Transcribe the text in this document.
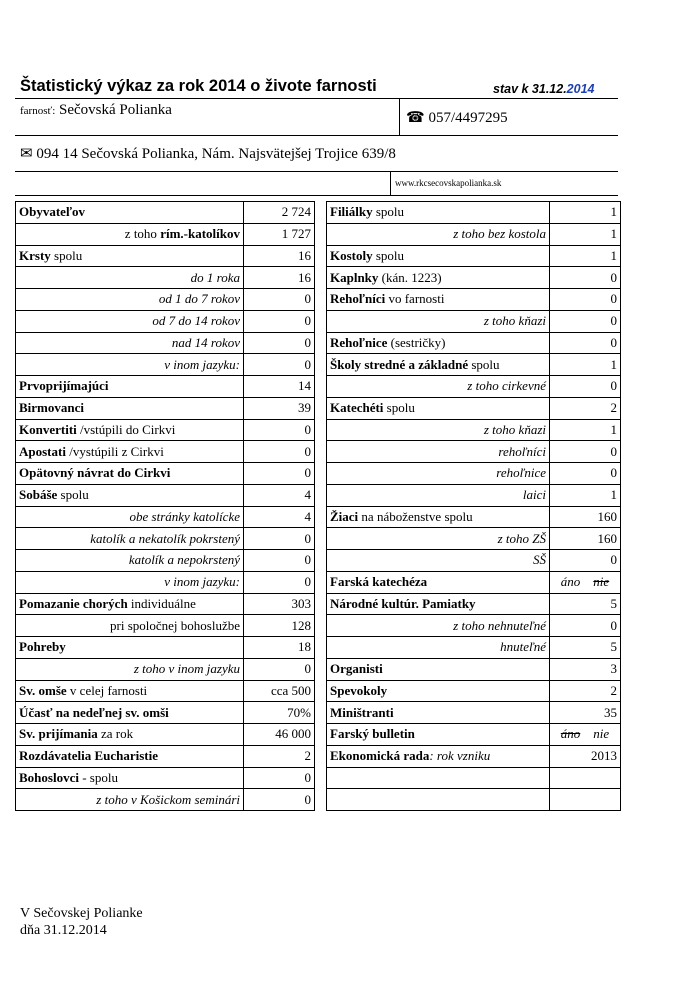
Štatistický výkaz za rok 2014 o živote farnosti	stav k 31.12.2014
farnosť: Sečovská Polianka	☎ 057/4497295
✉ 094 14 Sečovská Polianka, Nám. Najsvätejšej Trojice 639/8
www.rkcsecovskapolianka.sk
Obyvateľov	2 724
z toho rím.-katolíkov	1 727
Krsty spolu	16
do 1 roka	16
od 1 do 7 rokov	0
od 7 do 14 rokov	0
nad 14 rokov	0
v inom jazyku:	0
Prvoprijímajúci	14
Birmovanci	39
Konvertiti /vstúpili do Cirkvi	0
Apostati /vystúpili z Cirkvi	0
Opätovný návrat do Cirkvi	0
Sobáše spolu	4
obe stránky katolícke	4
katolík a nekatolík pokrstený	0
katolík a nepokrstený	0
v inom jazyku:	0
Pomazanie chorých individuálne	303
pri spoločnej bohoslužbe	128
Pohreby	18
z toho v inom jazyku	0
Sv. omše v celej farnosti	cca 500
Účasť na nedeľnej sv. omši	70%
Sv. prijímania za rok	46 000
Rozdávatelia Eucharistie	2
Bohoslovci - spolu	0
z toho v Košickom seminári	0
Filiálky spolu	1
z toho bez kostola	1
Kostoly spolu	1
Kaplnky (kán. 1223)	0
Rehoľníci vo farnosti	0
z toho kňazi	0
Rehoľnice (sestričky)	0
Školy stredné a základné spolu	1
z toho cirkevné	0
Katechéti spolu	2
z toho kňazi	1
rehoľníci	0
rehoľnice	0
laici	1
Žiaci na náboženstve spolu	160
z toho ZŠ	160
SŠ	0
Farská katechéza	áno nie
Národné kultúr. Pamiatky	5
z toho nehnuteľné	0
hnuteľné	5
Organisti	3
Spevokoly	2
Miništranti	35
Farský bulletin	áno nie
Ekonomická rada: rok vzniku	2013

V Sečovskej Polianke
dňa 31.12.2014
